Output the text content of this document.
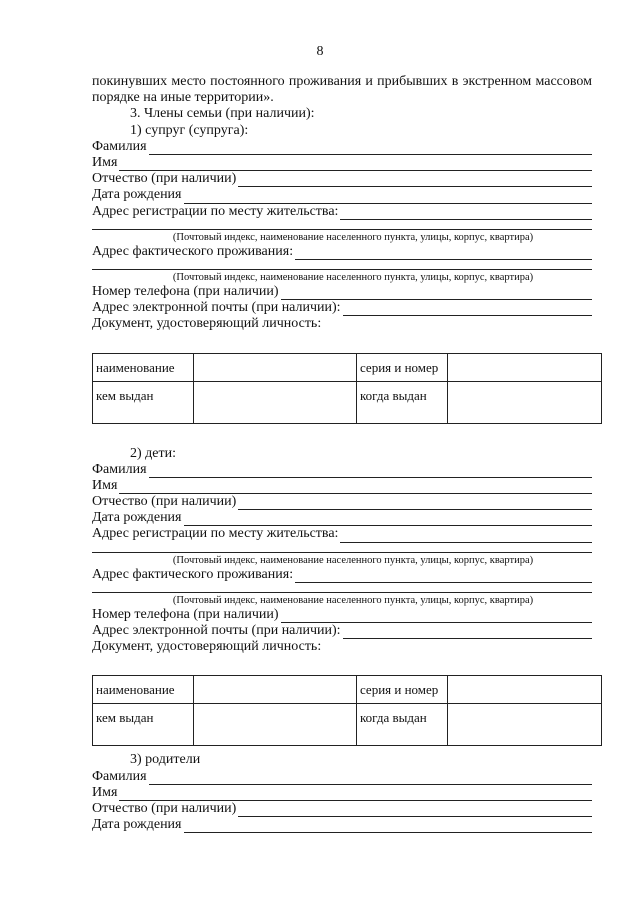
8
покинувших место постоянного проживания и прибывших в экстренном массовом порядке на иные территории».
3. Члены семьи (при наличии):
1) супруг (супруга):
Фамилия
Имя
Отчество (при наличии)
Дата рождения
Адрес регистрации по месту жительства:
(Почтовый индекс, наименование населенного пункта, улицы, корпус, квартира)
Адрес фактического проживания:
(Почтовый индекс, наименование населенного пункта, улицы, корпус, квартира)
Номер телефона (при наличии)
Адрес электронной почты (при наличии):
Документ, удостоверяющий личность:
наименование		серия и номер	
кем выдан		когда выдан	
2) дети:
Фамилия
Имя
Отчество (при наличии)
Дата рождения
Адрес регистрации по месту жительства:
(Почтовый индекс, наименование населенного пункта, улицы, корпус, квартира)
Адрес фактического проживания:
(Почтовый индекс, наименование населенного пункта, улицы, корпус, квартира)
Номер телефона (при наличии)
Адрес электронной почты (при наличии):
Документ, удостоверяющий личность:
наименование		серия и номер	
кем выдан		когда выдан	
3) родители
Фамилия
Имя
Отчество (при наличии)
Дата рождения
